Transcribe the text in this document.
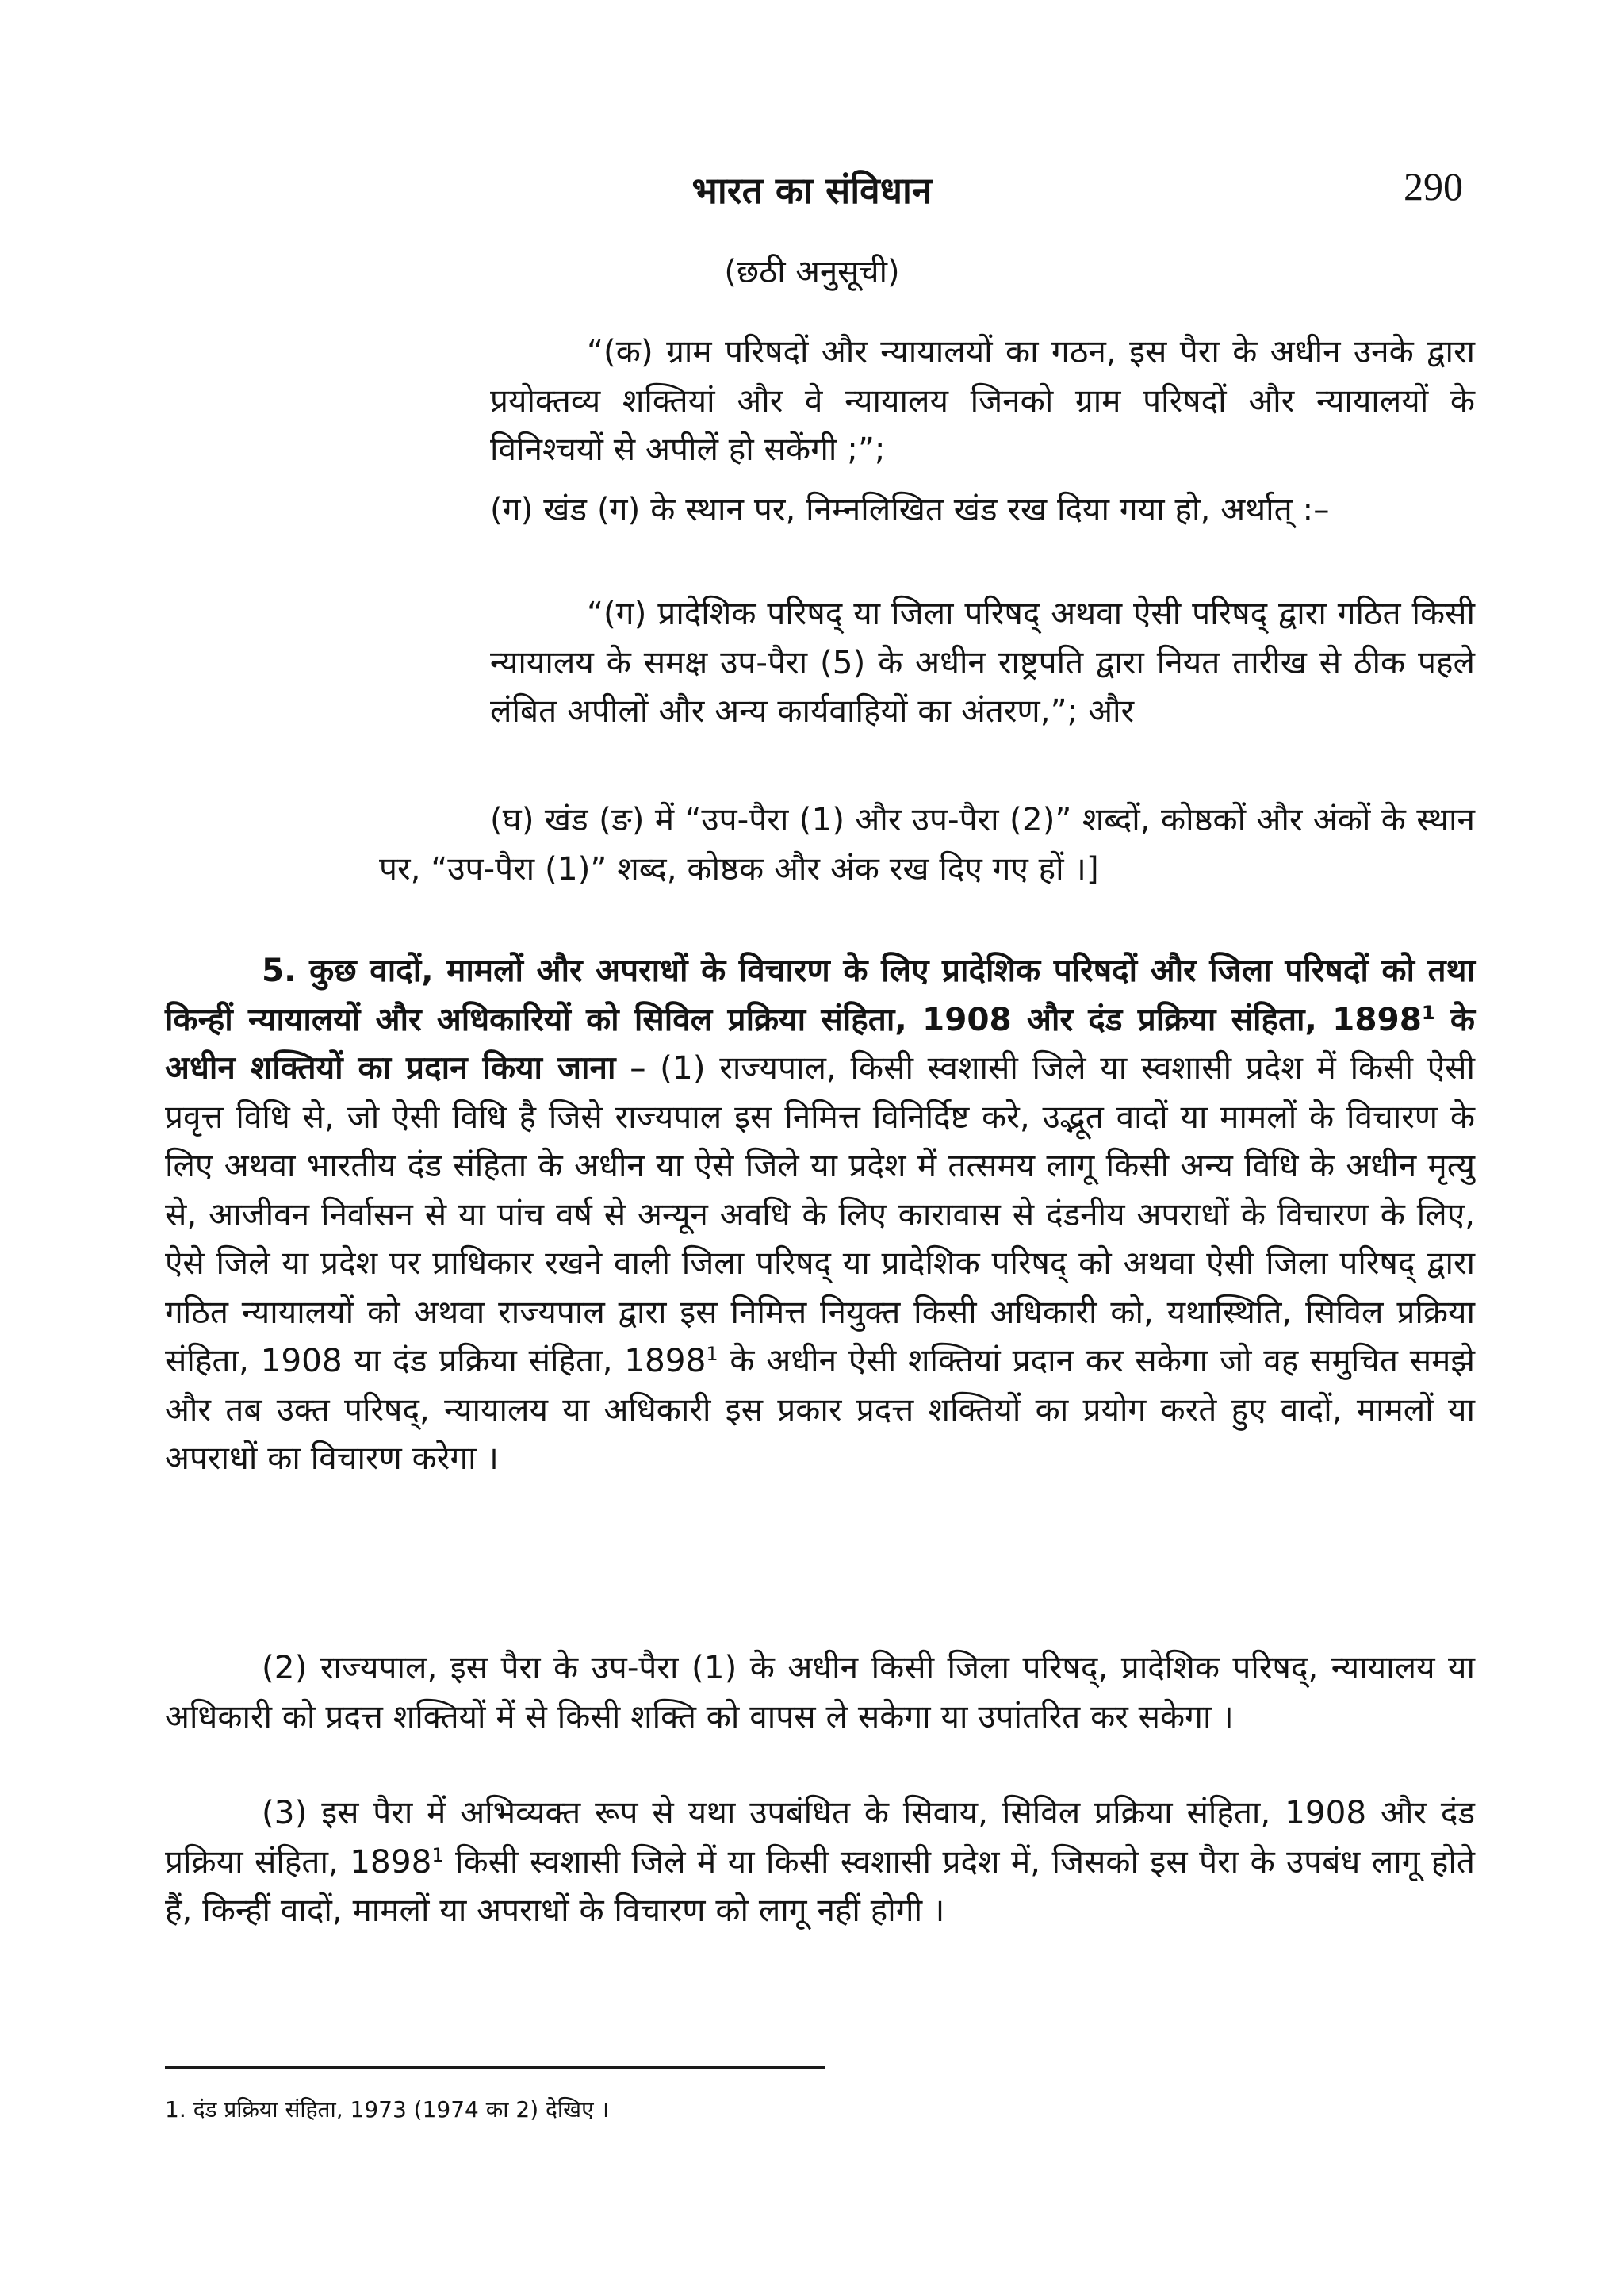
भारत का संविधान	290
(छठी अनुसूची)

“(क) ग्राम परिषदों और न्यायालयों का गठन, इस पैरा के अधीन उनके द्वारा प्रयोक्तव्य शक्तियां और वे न्यायालय जिनको ग्राम परिषदों और न्यायालयों के विनिश्चयों से अपीलें हो सकेंगी ;”;

(ग) खंड (ग) के स्थान पर, निम्नलिखित खंड रख दिया गया हो, अर्थात् :–

“(ग) प्रादेशिक परिषद् या जिला परिषद् अथवा ऐसी परिषद् द्वारा गठित किसी न्यायालय के समक्ष उप-पैरा (5) के अधीन राष्ट्रपति द्वारा नियत तारीख से ठीक पहले लंबित अपीलों और अन्य कार्यवाहियों का अंतरण,”; और

(घ) खंड (ङ) में “उप-पैरा (1) और उप-पैरा (2)” शब्दों, कोष्ठकों और अंकों के स्थान पर, “उप-पैरा (1)” शब्द, कोष्ठक और अंक रख दिए गए हों ।]

5. कुछ वादों, मामलों और अपराधों के विचारण के लिए प्रादेशिक परिषदों और जिला परिषदों को तथा किन्हीं न्यायालयों और अधिकारियों को सिविल प्रक्रिया संहिता, 1908 और दंड प्रक्रिया संहिता, 1898$^1$ के अधीन शक्तियों का प्रदान किया जाना – (1) राज्यपाल, किसी स्वशासी जिले या स्वशासी प्रदेश में किसी ऐसी प्रवृत्त विधि से, जो ऐसी विधि है जिसे राज्यपाल इस निमित्त विनिर्दिष्ट करे, उद्भूत वादों या मामलों के विचारण के लिए अथवा भारतीय दंड संहिता के अधीन या ऐसे जिले या प्रदेश में तत्समय लागू किसी अन्य विधि के अधीन मृत्यु से, आजीवन निर्वासन से या पांच वर्ष से अन्यून अवधि के लिए कारावास से दंडनीय अपराधों के विचारण के लिए, ऐसे जिले या प्रदेश पर प्राधिकार रखने वाली जिला परिषद् या प्रादेशिक परिषद् को अथवा ऐसी जिला परिषद् द्वारा गठित न्यायालयों को अथवा राज्यपाल द्वारा इस निमित्त नियुक्त किसी अधिकारी को, यथास्थिति, सिविल प्रक्रिया संहिता, 1908 या दंड प्रक्रिया संहिता, 1898$^1$ के अधीन ऐसी शक्तियां प्रदान कर सकेगा जो वह समुचित समझे और तब उक्त परिषद्, न्यायालय या अधिकारी इस प्रकार प्रदत्त शक्तियों का प्रयोग करते हुए वादों, मामलों या अपराधों का विचारण करेगा ।

(2) राज्यपाल, इस पैरा के उप-पैरा (1) के अधीन किसी जिला परिषद्, प्रादेशिक परिषद्, न्यायालय या अधिकारी को प्रदत्त शक्तियों में से किसी शक्ति को वापस ले सकेगा या उपांतरित कर सकेगा ।

(3) इस पैरा में अभिव्यक्त रूप से यथा उपबंधित के सिवाय, सिविल प्रक्रिया संहिता, 1908 और दंड प्रक्रिया संहिता, 1898$^1$ किसी स्वशासी जिले में या किसी स्वशासी प्रदेश में, जिसको इस पैरा के उपबंध लागू होते हैं, किन्हीं वादों, मामलों या अपराधों के विचारण को लागू नहीं होगी ।

1. दंड प्रक्रिया संहिता, 1973 (1974 का 2) देखिए ।
